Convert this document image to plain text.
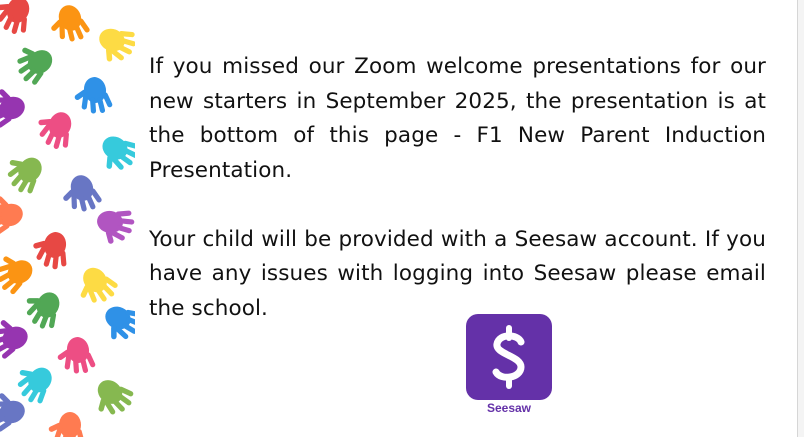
If you missed our Zoom welcome presentations for our new starters in September 2025, the presentation is at the bottom of this page - F1 New Parent Induction Presentation.

Your child will be provided with a Seesaw account. If you have any issues with logging into Seesaw please email the school.

Seesaw
